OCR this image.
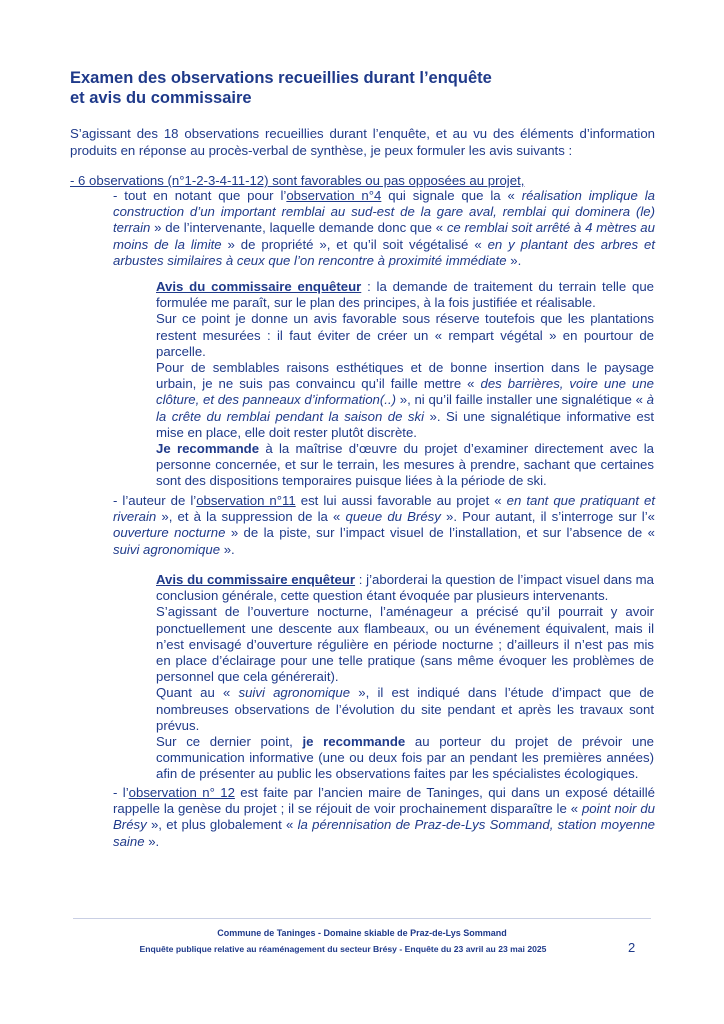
Examen des observations recueillies durant l’enquête
et avis du commissaire

S’agissant des 18 observations recueillies durant l’enquête, et au vu des éléments d’information produits en réponse au procès-verbal de synthèse, je peux formuler les avis suivants :

- 6 observations (n°1-2-3-4-11-12) sont favorables ou pas opposées au projet,
- tout en notant que pour l’observation n°4 qui signale que la « réalisation implique la construction d’un important remblai au sud-est de la gare aval, remblai qui dominera (le) terrain » de l’intervenante, laquelle demande donc que « ce remblai soit arrêté à 4 mètres au moins de la limite » de propriété », et qu’il soit végétalisé « en y plantant des arbres et arbustes similaires à ceux que l’on rencontre à proximité immédiate ».

Avis du commissaire enquêteur : la demande de traitement du terrain telle que formulée me paraît, sur le plan des principes, à la fois justifiée et réalisable.

Sur ce point je donne un avis favorable sous réserve toutefois que les plantations restent mesurées : il faut éviter de créer un « rempart végétal » en pourtour de parcelle.

Pour de semblables raisons esthétiques et de bonne insertion dans le paysage urbain, je ne suis pas convaincu qu’il faille mettre « des barrières, voire une une clôture, et des panneaux d’information(..) », ni qu’il faille installer une signalétique « à la crête du remblai pendant la saison de ski ». Si une signalétique informative est mise en place, elle doit rester plutôt discrète.

Je recommande à la maîtrise d’œuvre du projet d’examiner directement avec la personne concernée, et sur le terrain, les mesures à prendre, sachant que certaines sont des dispositions temporaires puisque liées à la période de ski.

- l’auteur de l’observation n°11 est lui aussi favorable au projet « en tant que pratiquant et riverain », et à la suppression de la « queue du Brésy ». Pour autant, il s’interroge sur l’« ouverture nocturne » de la piste, sur l’impact visuel de l’installation, et sur l’absence de « suivi agronomique ».

Avis du commissaire enquêteur : j’aborderai la question de l’impact visuel dans ma conclusion générale, cette question étant évoquée par plusieurs intervenants.

S’agissant de l’ouverture nocturne, l’aménageur a précisé qu’il pourrait y avoir ponctuellement une descente aux flambeaux, ou un événement équivalent, mais il n’est envisagé d’ouverture régulière en période nocturne ; d’ailleurs il n’est pas mis en place d’éclairage pour une telle pratique (sans même évoquer les problèmes de personnel que cela générerait).

Quant au « suivi agronomique », il est indiqué dans l’étude d’impact que de nombreuses observations de l’évolution du site pendant et après les travaux sont prévus.

Sur ce dernier point, je recommande au porteur du projet de prévoir une communication informative (une ou deux fois par an pendant les premières années) afin de présenter au public les observations faites par les spécialistes écologiques.

- l’observation n° 12 est faite par l’ancien maire de Taninges, qui dans un exposé détaillé rappelle la genèse du projet ; il se réjouit de voir prochainement disparaître le « point noir du Brésy », et plus globalement « la pérennisation de Praz-de-Lys Sommand, station moyenne saine ».
Commune de Taninges - Domaine skiable de Praz-de-Lys Sommand
Enquête publique relative au réaménagement du secteur Brésy - Enquête du 23 avril au 23 mai 2025	2
